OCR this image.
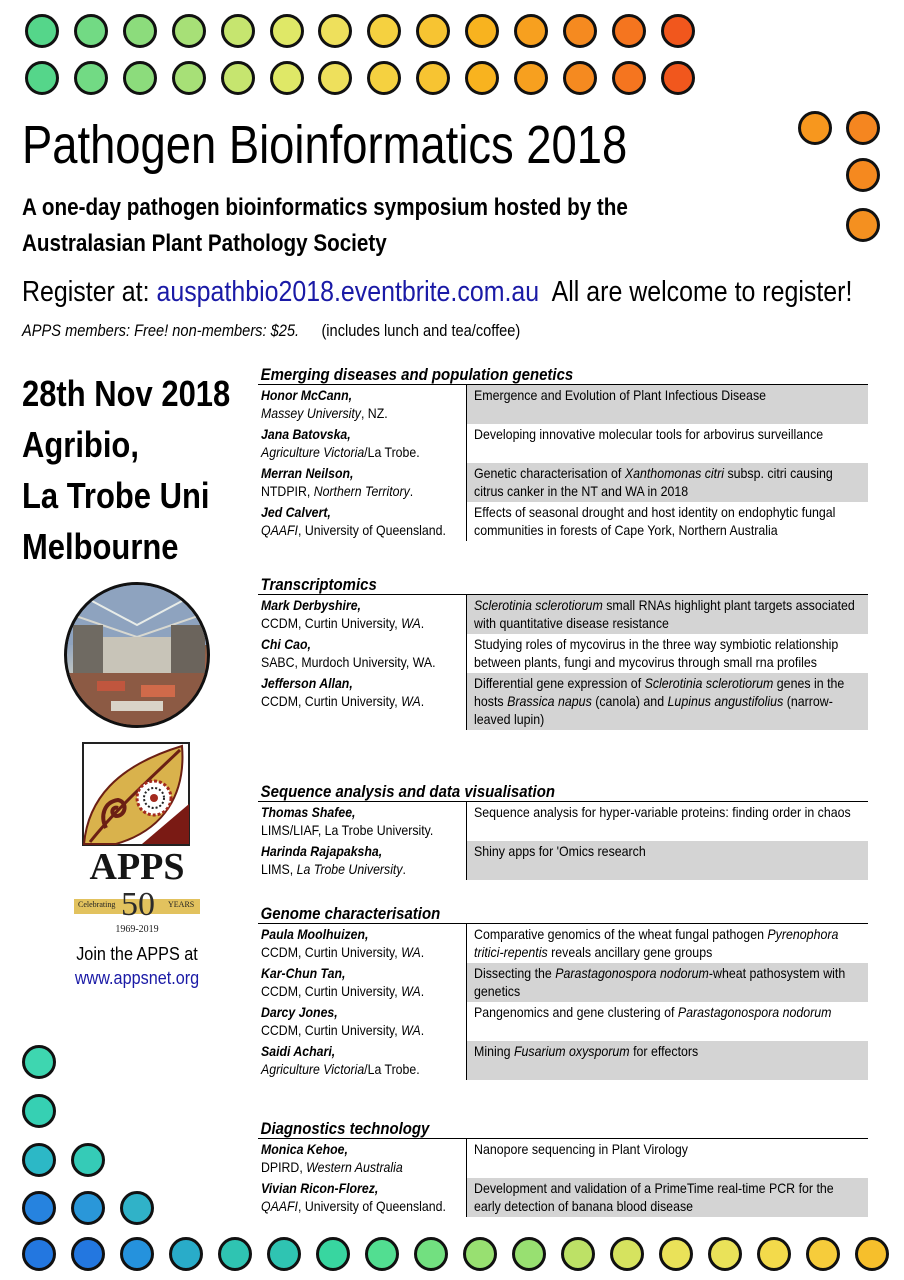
Pathogen Bioinformatics 2018
A one-day pathogen bioinformatics symposium hosted by the
Australasian Plant Pathology Society
Register at: auspathbio2018.eventbrite.com.au  All are welcome to register!
APPS members: Free! non-members: $25. (includes lunch and tea/coffee)
28th Nov 2018
Agribio,
La Trobe Uni
Melbourne
APPS
Celebrating 50	YEARS
1969-2019
Join the APPS at
www.appsnet.org
Emerging diseases and population genetics
Honor McCann,
Massey University, NZ.
Emergence and Evolution of Plant Infectious Disease
Jana Batovska,
Agriculture Victoria/La Trobe.
Developing innovative molecular tools for arbovirus surveillance
Merran Neilson,
NTDPIR, Northern Territory.
Genetic characterisation of Xanthomonas citri subsp. citri causing citrus canker in the NT and WA in 2018
Jed Calvert,
QAAFI, University of Queensland.
Effects of seasonal drought and host identity on endophytic fungal communities in forests of Cape York, Northern Australia
Transcriptomics
Mark Derbyshire,
CCDM, Curtin University, WA.
Sclerotinia sclerotiorum small RNAs highlight plant targets associated with quantitative disease resistance
Chi Cao,
SABC, Murdoch University, WA.
Studying roles of mycovirus in the three way symbiotic relationship between plants, fungi and mycovirus through small rna profiles
Jefferson Allan,
CCDM, Curtin University, WA.
Differential gene expression of Sclerotinia sclerotiorum genes in the hosts Brassica napus (canola) and Lupinus angustifolius (narrow-leaved lupin)
Sequence analysis and data visualisation
Thomas Shafee,
LIMS/LIAF, La Trobe University.
Sequence analysis for hyper-variable proteins: finding order in chaos
Harinda Rajapaksha,
LIMS, La Trobe University.
Shiny apps for 'Omics research
Genome characterisation
Paula Moolhuizen,
CCDM, Curtin University, WA.
Comparative genomics of the wheat fungal pathogen Pyrenophora tritici-repentis reveals ancillary gene groups
Kar-Chun Tan,
CCDM, Curtin University, WA.
Dissecting the Parastagonospora nodorum-wheat pathosystem with genetics
Darcy Jones,
CCDM, Curtin University, WA.
Pangenomics and gene clustering of Parastagonospora nodorum
Saidi Achari,
Agriculture Victoria/La Trobe.
Mining Fusarium oxysporum for effectors
Diagnostics technology
Monica Kehoe,
DPIRD, Western Australia
Nanopore sequencing in Plant Virology
Vivian Ricon-Florez,
QAAFI, University of Queensland.
Development and validation of a PrimeTime real-time PCR for the early detection of banana blood disease
